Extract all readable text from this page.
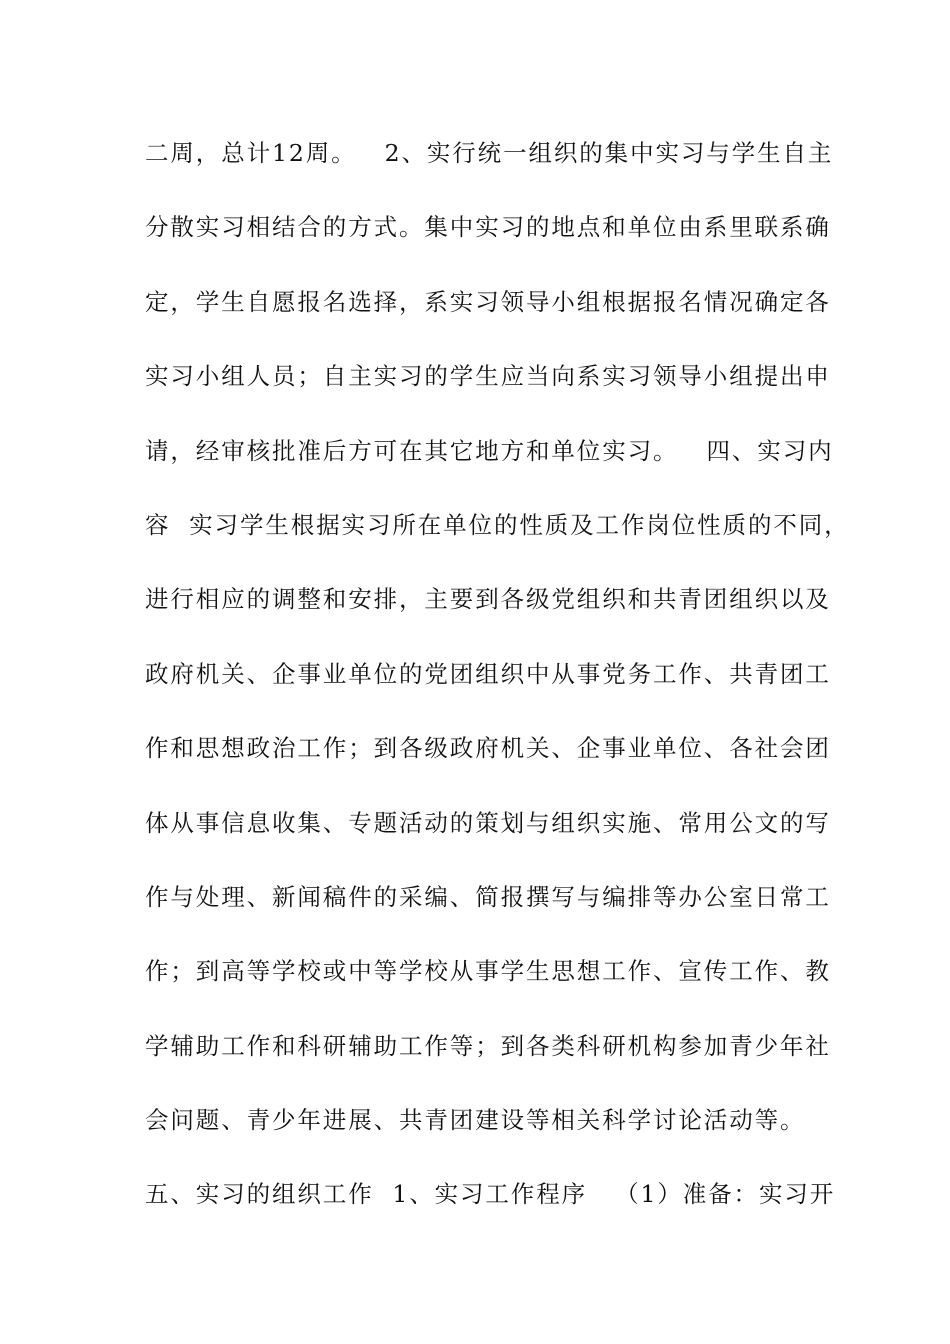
二周，总计12周。   2、实行统一组织的集中实习与学生自主
分散实习相结合的方式。集中实习的地点和单位由系里联系确
定，学生自愿报名选择，系实习领导小组根据报名情况确定各
实习小组人员；自主实习的学生应当向系实习领导小组提出申
请，经审核批准后方可在其它地方和单位实习。   四、实习内
容  实习学生根据实习所在单位的性质及工作岗位性质的不同，
进行相应的调整和安排，主要到各级党组织和共青团组织以及
政府机关、企事业单位的党团组织中从事党务工作、共青团工
作和思想政治工作；到各级政府机关、企事业单位、各社会团
体从事信息收集、专题活动的策划与组织实施、常用公文的写
作与处理、新闻稿件的采编、简报撰写与编排等办公室日常工
作；到高等学校或中等学校从事学生思想工作、宣传工作、教
学辅助工作和科研辅助工作等；到各类科研机构参加青少年社
会问题、青少年进展、共青团建设等相关科学讨论活动等。
五、实习的组织工作  1、实习工作程序   （1）准备：实习开
